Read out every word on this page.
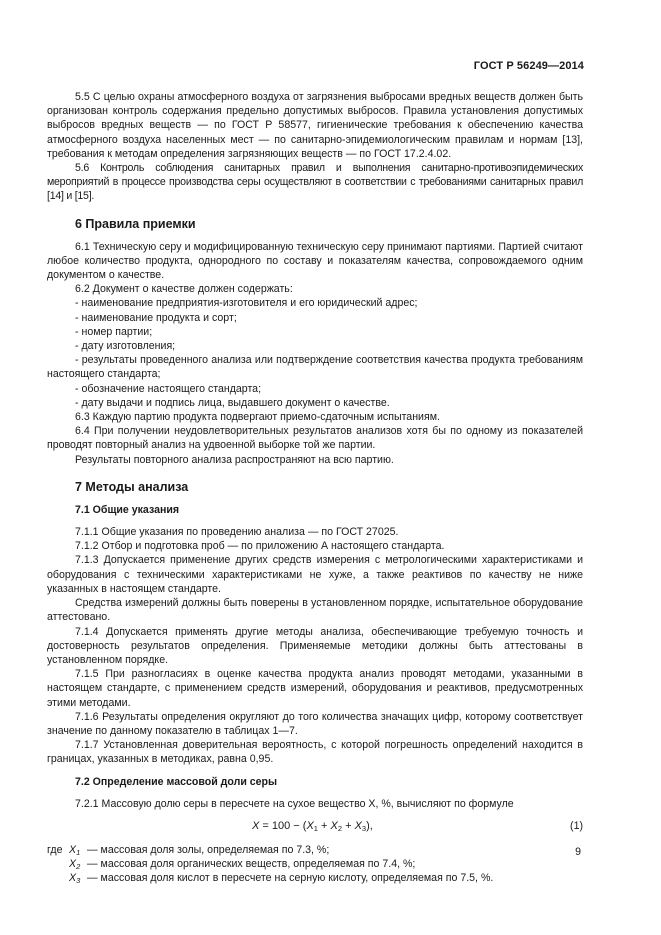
ГОСТ Р 56249—2014

5.5 С целью охраны атмосферного воздуха от загрязнения выбросами вредных веществ должен быть организован контроль содержания предельно допустимых выбросов. Правила установления допустимых выбросов вредных веществ — по ГОСТ Р 58577, гигиенические требования к обеспечению качества атмосферного воздуха населенных мест — по санитарно-эпидемиологическим правилам и нормам [13], требования к методам определения загрязняющих веществ — по ГОСТ 17.2.4.02.

5.6 Контроль соблюдения санитарных правил и выполнения санитарно-противоэпидемических мероприятий в процессе производства серы осуществляют в соответствии с требованиями санитарных правил [14] и [15].

6 Правила приемки

6.1 Техническую серу и модифицированную техническую серу принимают партиями. Партией считают любое количество продукта, однородного по составу и показателям качества, сопровождаемого одним документом о качестве.

6.2 Документ о качестве должен содержать:

- наименование предприятия-изготовителя и его юридический адрес;

- наименование продукта и сорт;

- номер партии;

- дату изготовления;

- результаты проведенного анализа или подтверждение соответствия качества продукта требованиям настоящего стандарта;

- обозначение настоящего стандарта;

- дату выдачи и подпись лица, выдавшего документ о качестве.

6.3 Каждую партию продукта подвергают приемо-сдаточным испытаниям.

6.4 При получении неудовлетворительных результатов анализов хотя бы по одному из показателей проводят повторный анализ на удвоенной выборке той же партии.

Результаты повторного анализа распространяют на всю партию.

7 Методы анализа
7.1 Общие указания

7.1.1 Общие указания по проведению анализа — по ГОСТ 27025.

7.1.2 Отбор и подготовка проб — по приложению А настоящего стандарта.

7.1.3 Допускается применение других средств измерения с метрологическими характеристиками и оборудования с техническими характеристиками не хуже, а также реактивов по качеству не ниже указанных в настоящем стандарте.

Средства измерений должны быть поверены в установленном порядке, испытательное оборудование аттестовано.

7.1.4 Допускается применять другие методы анализа, обеспечивающие требуемую точность и достоверность результатов определения. Применяемые методики должны быть аттестованы в установленном порядке.

7.1.5 При разногласиях в оценке качества продукта анализ проводят методами, указанными в настоящем стандарте, с применением средств измерений, оборудования и реактивов, предусмотренных этими методами.

7.1.6 Результаты определения округляют до того количества значащих цифр, которому соответствует значение по данному показателю в таблицах 1—7.

7.1.7 Установленная доверительная вероятность, с которой погрешность определений находится в границах, указанных в методиках, равна 0,95.

7.2 Определение массовой доли серы

7.2.1 Массовую долю серы в пересчете на сухое вещество X, %, вычисляют по формуле

$X = 100 - (X_1 + X_2 + X_3)$,	(1)
где $X_1$ — массовая доля золы, определяемая по 7.3, %;
$X_2$ — массовая доля органических веществ, определяемая по 7.4, %;
$X_3$ — массовая доля кислот в пересчете на серную кислоту, определяемая по 7.5, %.
9
